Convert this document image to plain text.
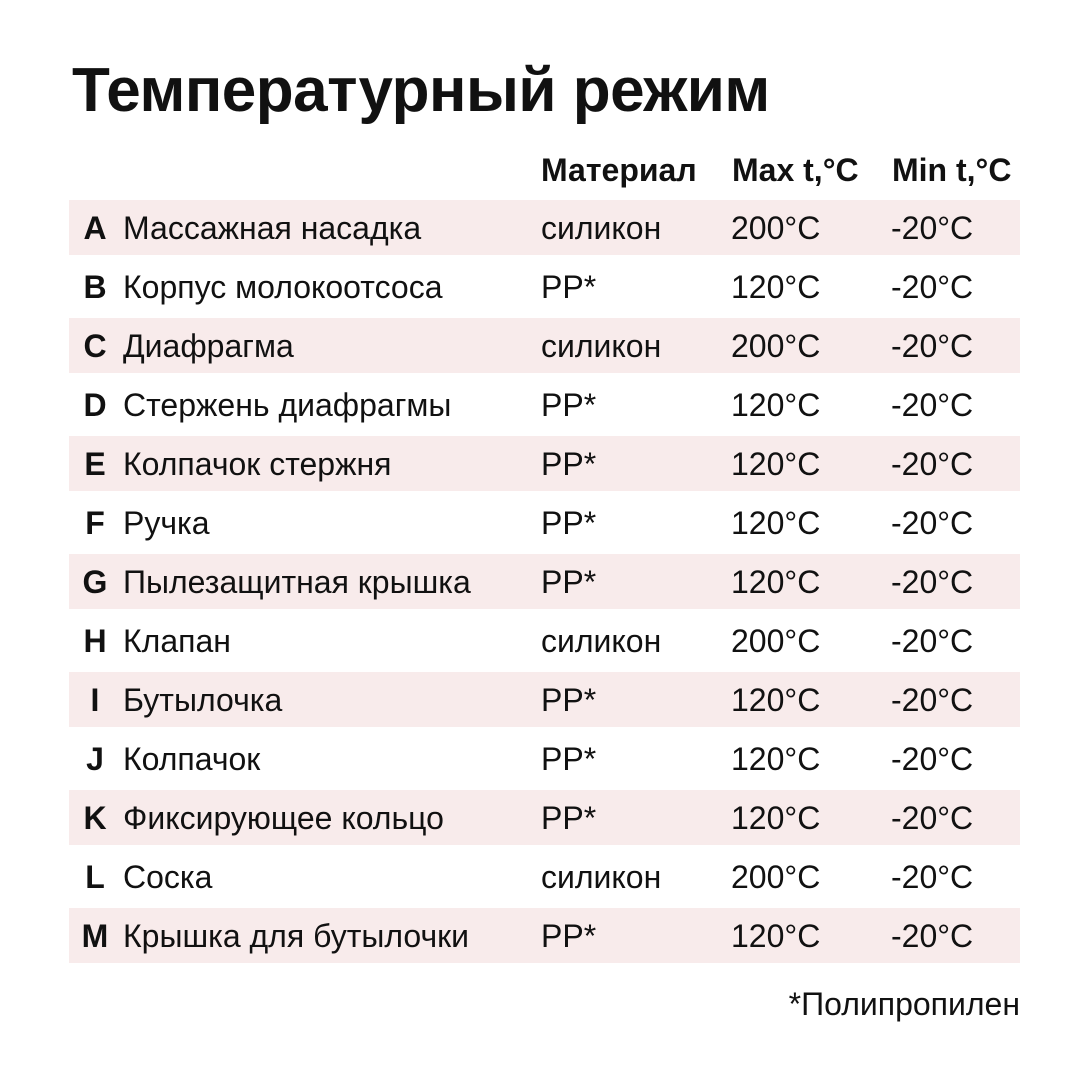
Температурный режим
Материал Max t,°C Min t,°C
A Массажная насадка	силикон 200°C -20°C
B Корпус молокоотсоса	PP*	120°C -20°C
C Диафрагма	силикон 200°C -20°C
D Стержень диафрагмы	PP*	120°C -20°C
E Колпачок стержня	PP*	120°C -20°C
F Ручка	PP*	120°C -20°C
G Пылезащитная крышка PP*	120°C -20°C
H Клапан	силикон 200°C -20°C
I Бутылочка	PP*	120°C -20°C
J Колпачок	PP*	120°C -20°C
K Фиксирующее кольцо	PP*	120°C -20°C
L Соска	силикон 200°C -20°C
M Крышка для бутылочки PP*	120°C -20°C
*Полипропилен
